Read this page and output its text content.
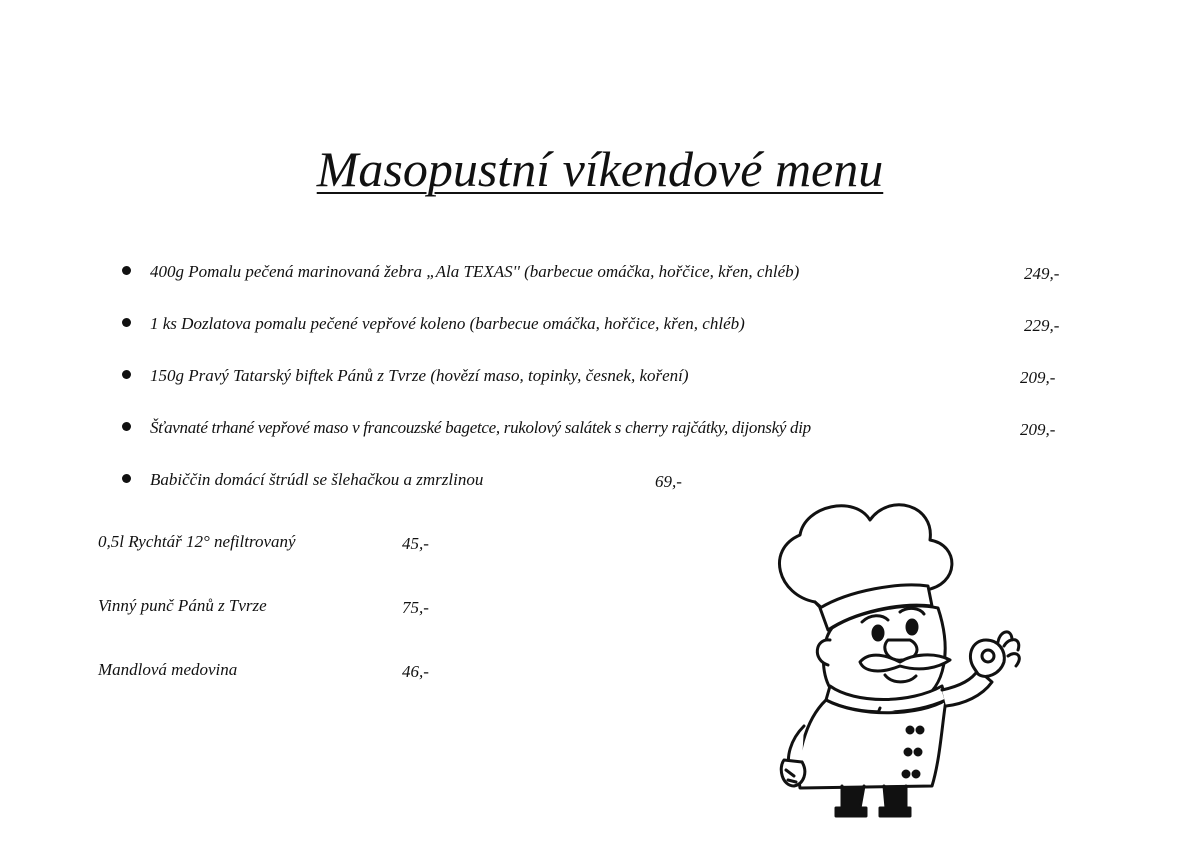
Masopustní víkendové menu
400g Pomalu pečená marinovaná žebra „Ala TEXAS'' (barbecue omáčka, hořčice, křen, chléb)	249,-
1 ks Dozlatova pomalu pečené vepřové koleno (barbecue omáčka, hořčice, křen, chléb)	229,-
150g Pravý Tatarský biftek Pánů z Tvrze (hovězí maso, topinky, česnek, koření)	209,-
Šťavnaté trhané vepřové maso v francouzské bagetce, rukolový salátek s cherry rajčátky, dijonský dip	209,-
Babiččin domácí štrúdl se šlehačkou a zmrzlinou	69,-
0,5l Rychtář 12° nefiltrovaný	45,-
Vinný punč Pánů z Tvrze	75,-
Mandlová medovina	46,-
